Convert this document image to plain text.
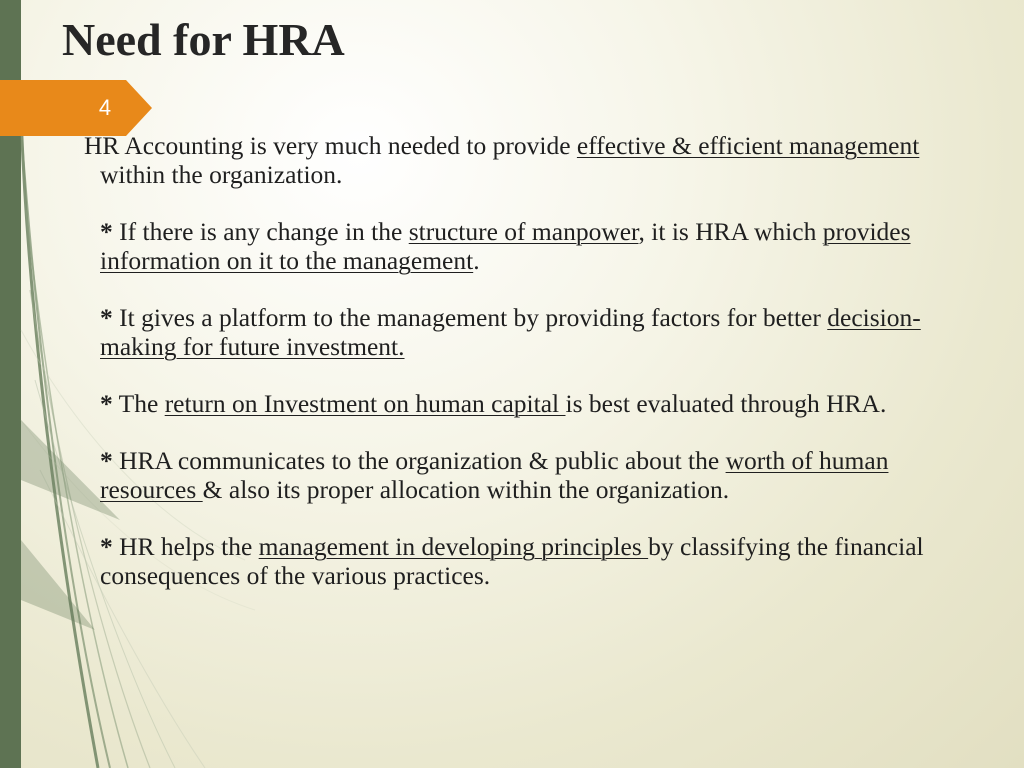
Need for HRA
4

HR Accounting is very much needed to provide effective & efficient management within the organization.

* If there is any change in the structure of manpower, it is HRA which provides information on it to the management.

* It gives a platform to the management by providing factors for better decision-making for future investment.

* The return on Investment on human capital is best evaluated through HRA.

* HRA communicates to the organization & public about the worth of human resources & also its proper allocation within the organization.

* HR helps the management in developing principles by classifying the financial consequences of the various practices.
